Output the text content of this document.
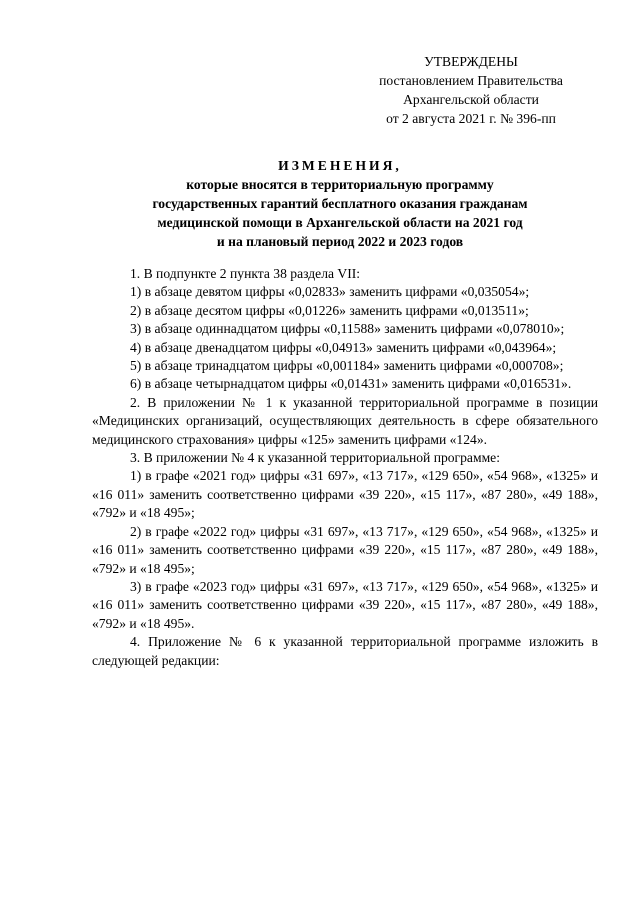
УТВЕРЖДЕНЫ
постановлением Правительства
Архангельской области
от 2 августа 2021 г. № 396-пп
ИЗМЕНЕНИЯ,
которые вносятся в территориальную программу
государственных гарантий бесплатного оказания гражданам
медицинской помощи в Архангельской области на 2021 год
и на плановый период 2022 и 2023 годов

1. В подпункте 2 пункта 38 раздела VII:

1) в абзаце девятом цифры «0,02833» заменить цифрами «0,035054»;

2) в абзаце десятом цифры «0,01226» заменить цифрами «0,013511»;

3) в абзаце одиннадцатом цифры «0,11588» заменить цифрами «0,078010»;

4) в абзаце двенадцатом цифры «0,04913» заменить цифрами «0,043964»;

5) в абзаце тринадцатом цифры «0,001184» заменить цифрами «0,000708»;

6) в абзаце четырнадцатом цифры «0,01431» заменить цифрами «0,016531».

2. В приложении № 1 к указанной территориальной программе в позиции «Медицинских организаций, осуществляющих деятельность в сфере обязательного медицинского страхования» цифры «125» заменить цифрами «124».

3. В приложении № 4 к указанной территориальной программе:

1) в графе «2021 год» цифры «31 697», «13 717», «129 650», «54 968», «1325» и «16 011» заменить соответственно цифрами «39 220», «15 117», «87 280», «49 188», «792» и «18 495»;

2) в графе «2022 год» цифры «31 697», «13 717», «129 650», «54 968», «1325» и «16 011» заменить соответственно цифрами «39 220», «15 117», «87 280», «49 188», «792» и «18 495»;

3) в графе «2023 год» цифры «31 697», «13 717», «129 650», «54 968», «1325» и «16 011» заменить соответственно цифрами «39 220», «15 117», «87 280», «49 188», «792» и «18 495».

4. Приложение № 6 к указанной территориальной программе изложить в следующей редакции:
